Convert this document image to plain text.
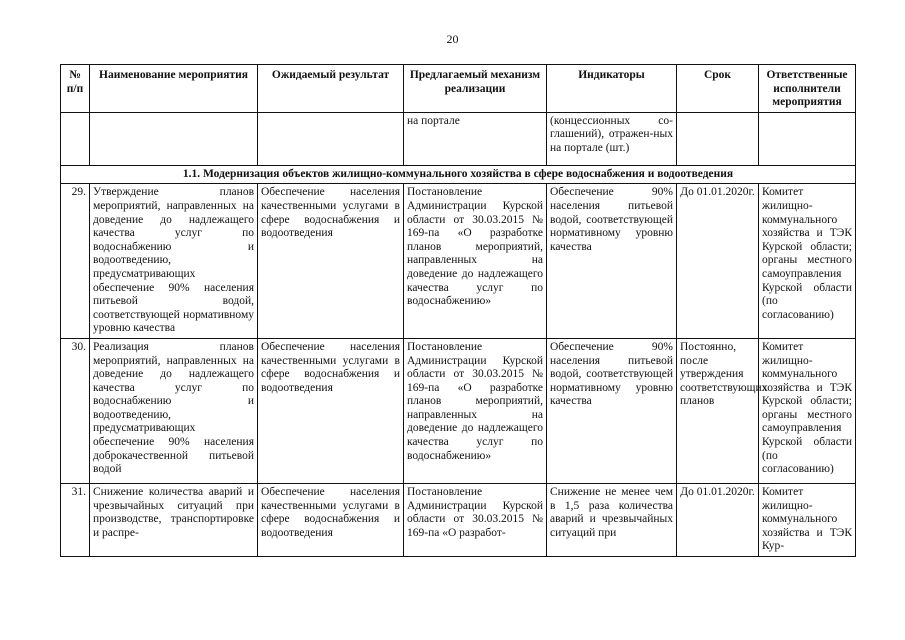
20
№ п/п	Наименование мероприятия	Ожидаемый результат	Предлагаемый механизм реализации	Индикаторы	Срок	Ответственные исполнители мероприятия
			на портале	(концессионных со-глашений), отражен-ных на портале (шт.)		
1.1. Модернизация объектов жилищно-коммунального хозяйства в сфере водоснабжения и водоотведения						
29.	Утверждение планов мероприятий, направленных на доведение до надлежащего качества услуг по водоснабжению и водоотведению, предусматривающих обеспечение 90% населения питьевой водой, соответствующей нормативному уровню качества	Обеспечение населения качественными услугами в сфере водоснабжения и водоотведения	Постановление Администрации Курской области от 30.03.2015 № 169-па «О разработке планов мероприятий, направленных на доведение до надлежащего качества услуг по водоснабжению»	Обеспечение 90% населения питьевой водой, соответствующей нормативному уровню качества	До 01.01.2020г.	Комитет жилищно-коммунального хозяйства и ТЭК Курской области; органы местного самоуправления Курской области (по согласованию)
30.	Реализация планов мероприятий, направленных на доведение до надлежащего качества услуг по водоснабжению и водоотведению, предусматривающих обеспечение 90% населения доброкачественной питьевой водой	Обеспечение населения качественными услугами в сфере водоснабжения и водоотведения	Постановление Администрации Курской области от 30.03.2015 № 169-па «О разработке планов мероприятий, направленных на доведение до надлежащего качества услуг по водоснабжению»	Обеспечение 90% населения питьевой водой, соответствующей нормативному уровню качества	Постоянно, после утверждения соответствующих планов	Комитет жилищно-коммунального хозяйства и ТЭК Курской области; органы местного самоуправления Курской области (по согласованию)
31.	Снижение количества аварий и чрезвычайных ситуаций при производстве, транспортировке и распре-	Обеспечение населения качественными услугами в сфере водоснабжения и водоотведения	Постановление Администрации Курской области от 30.03.2015 № 169-па «О разработ-	Снижение не менее чем в 1,5 раза количества аварий и чрезвычайных ситуаций при	До 01.01.2020г.	Комитет жилищно-коммунального хозяйства и ТЭК Кур-
